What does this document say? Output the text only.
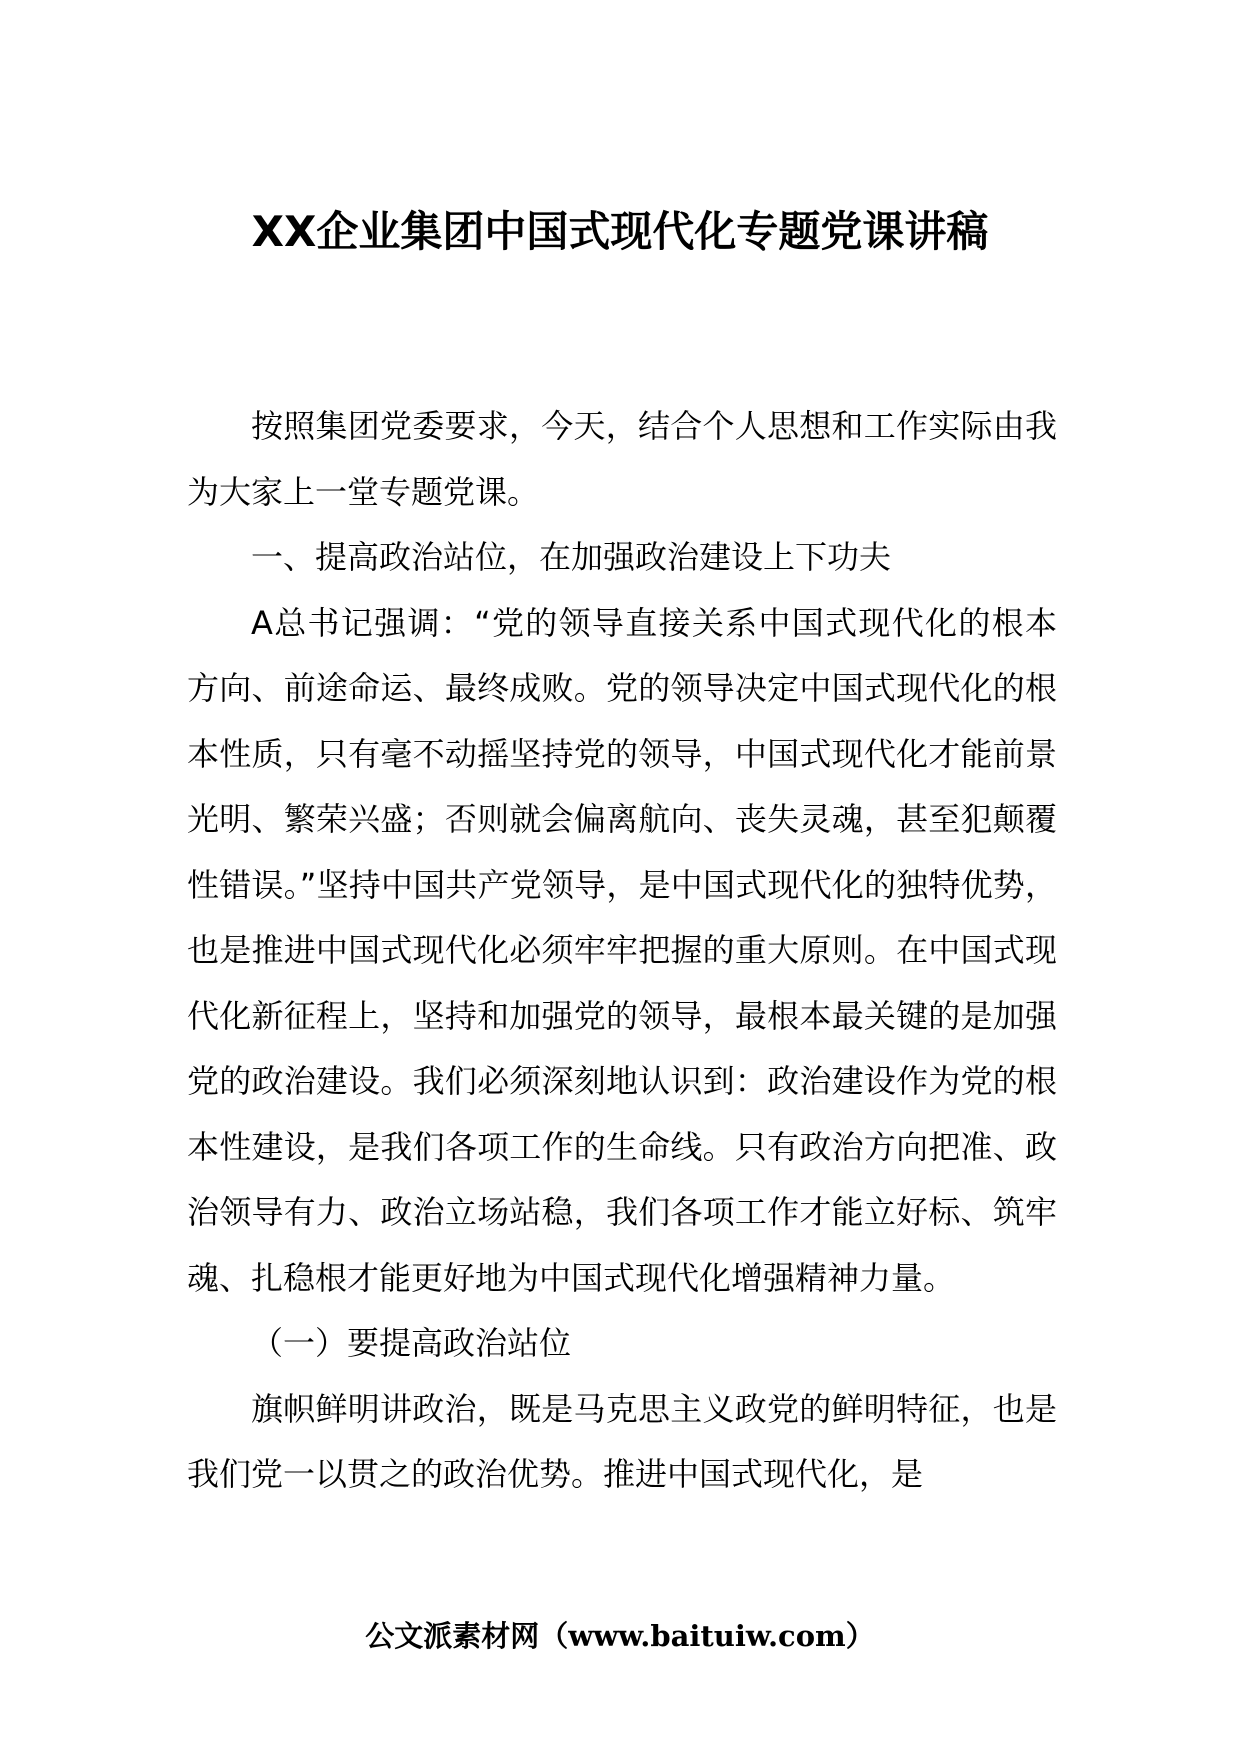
XX企业集团中国式现代化专题党课讲稿

按照集团党委要求，今天，结合个人思想和工作实际由我为大家上一堂专题党课。

一、提高政治站位，在加强政治建设上下功夫

A总书记强调：“党的领导直接关系中国式现代化的根本方向、前途命运、最终成败。党的领导决定中国式现代化的根本性质，只有毫不动摇坚持党的领导，中国式现代化才能前景光明、繁荣兴盛；否则就会偏离航向、丧失灵魂，甚至犯颠覆性错误。”坚持中国共产党领导，是中国式现代化的独特优势，也是推进中国式现代化必须牢牢把握的重大原则。在中国式现代化新征程上，坚持和加强党的领导，最根本最关键的是加强党的政治建设。我们必须深刻地认识到：政治建设作为党的根本性建设，是我们各项工作的生命线。只有政治方向把准、政治领导有力、政治立场站稳，我们各项工作才能立好标、筑牢魂、扎稳根才能更好地为中国式现代化增强精神力量。

（一）要提高政治站位

旗帜鲜明讲政治，既是马克思主义政党的鲜明特征，也是我们党一以贯之的政治优势。推进中国式现代化，是

公文派素材网（www.baituiw.com）
